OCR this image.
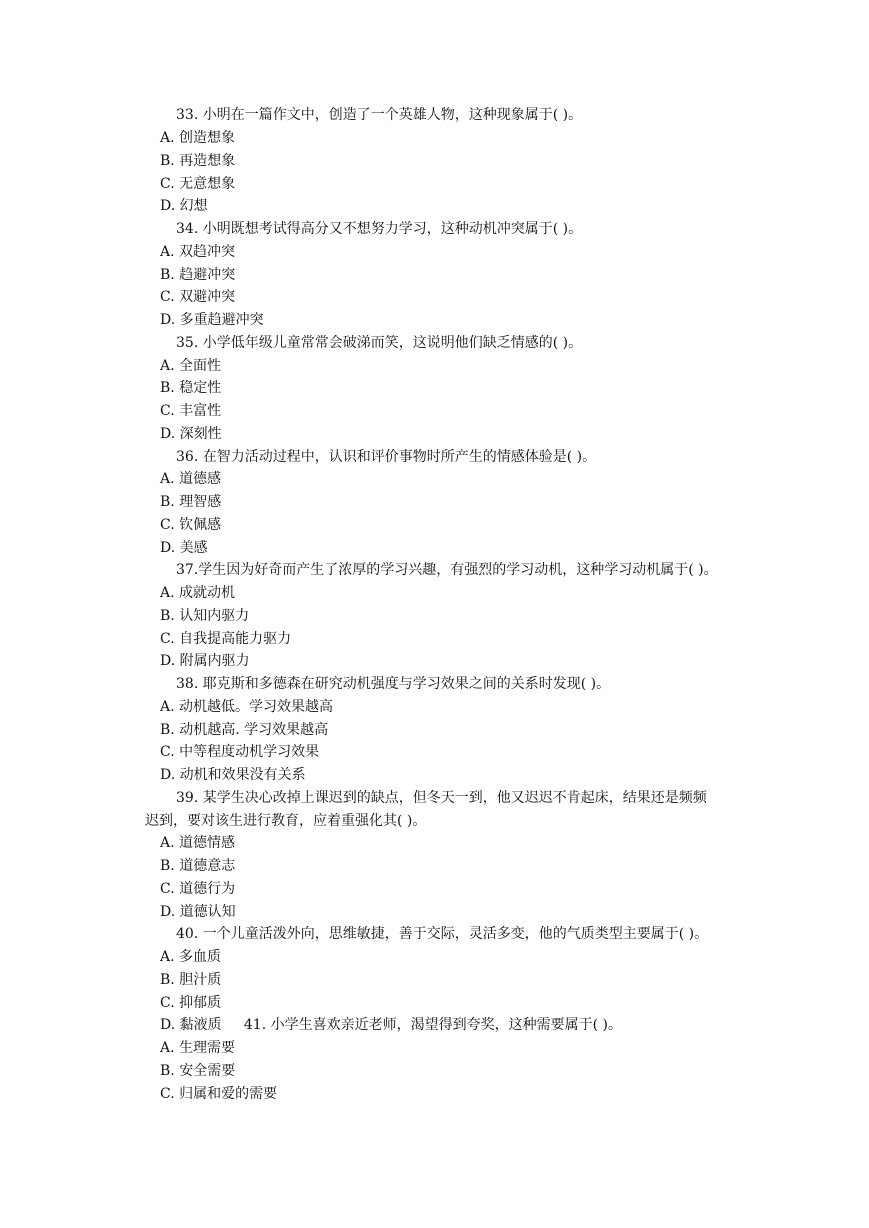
33. 小明在一篇作文中，创造了一个英雄人物，这种现象属于( )。
A. 创造想象
B. 再造想象
C. 无意想象
D. 幻想
34. 小明既想考试得高分又不想努力学习，这种动机冲突属于( )。
A. 双趋冲突
B. 趋避冲突
C. 双避冲突
D. 多重趋避冲突
35. 小学低年级儿童常常会破涕而笑，这说明他们缺乏情感的( )。
A. 全面性
B. 稳定性
C. 丰富性
D. 深刻性
36. 在智力活动过程中，认识和评价事物时所产生的情感体验是( )。
A. 道德感
B. 理智感
C. 钦佩感
D. 美感
37.学生因为好奇而产生了浓厚的学习兴趣，有强烈的学习动机，这种学习动机属于( )。
A. 成就动机
B. 认知内驱力
C. 自我提高能力驱力
D. 附属内驱力
38. 耶克斯和多德森在研究动机强度与学习效果之间的关系时发现( )。
A. 动机越低。学习效果越高
B. 动机越高. 学习效果越高
C. 中等程度动机学习效果
D. 动机和效果没有关系
39. 某学生决心改掉上课迟到的缺点，但冬天一到，他又迟迟不肯起床，结果还是频频
迟到，要对该生进行教育，应着重强化其( )。
A. 道德情感
B. 道德意志
C. 道德行为
D. 道德认知
40. 一个儿童活泼外向，思维敏捷，善于交际，灵活多变，他的气质类型主要属于( )。
A. 多血质
B. 胆汁质
C. 抑郁质
D. 黏液质     41. 小学生喜欢亲近老师，渴望得到夸奖，这种需要属于( )。
A. 生理需要
B. 安全需要
C. 归属和爱的需要
